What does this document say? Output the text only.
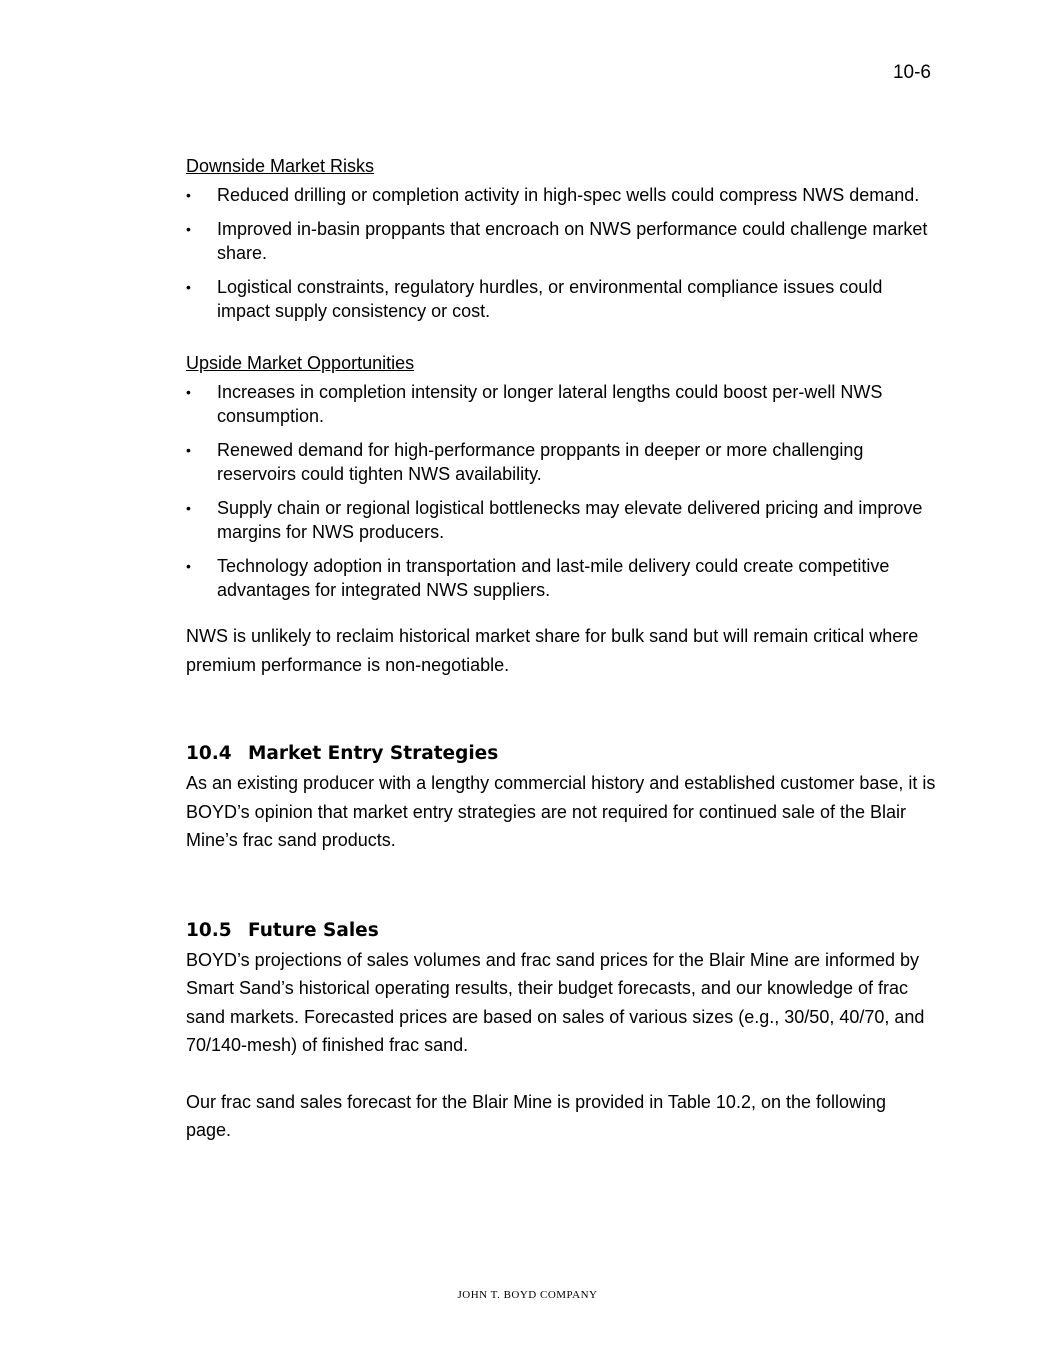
10-6

Downside Market Risks

• Reduced drilling or completion activity in high-spec wells could compress NWS demand.
• Improved in-basin proppants that encroach on NWS performance could challenge market share.
• Logistical constraints, regulatory hurdles, or environmental compliance issues could impact supply consistency or cost.

Upside Market Opportunities

• Increases in completion intensity or longer lateral lengths could boost per-well NWS consumption.
• Renewed demand for high-performance proppants in deeper or more challenging reservoirs could tighten NWS availability.
• Supply chain or regional logistical bottlenecks may elevate delivered pricing and improve margins for NWS producers.
• Technology adoption in transportation and last-mile delivery could create competitive advantages for integrated NWS suppliers.

NWS is unlikely to reclaim historical market share for bulk sand but will remain critical where premium performance is non-negotiable.

10.4 Market Entry Strategies

As an existing producer with a lengthy commercial history and established customer base, it is BOYD’s opinion that market entry strategies are not required for continued sale of the Blair Mine’s frac sand products.

10.5 Future Sales

BOYD’s projections of sales volumes and frac sand prices for the Blair Mine are informed by Smart Sand’s historical operating results, their budget forecasts, and our knowledge of frac sand markets. Forecasted prices are based on sales of various sizes (e.g., 30/50, 40/70, and 70/140-mesh) of finished frac sand.

Our frac sand sales forecast for the Blair Mine is provided in Table 10.2, on the following page.

JOHN T. BOYD COMPANY
